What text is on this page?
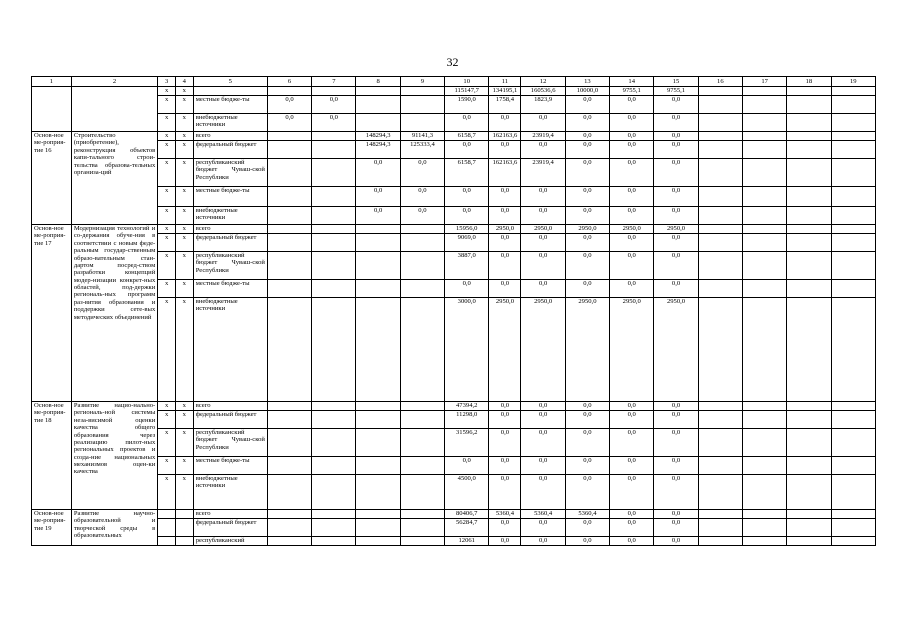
32
1	2	3	4	5	6	7	8	9	10	11	12	13	14	15	16	17	18	19
		x	x						115147,7	134195,1	160536,6	10000,0	9755,1	9755,1				
		x	x	местные бюдже-ты	0,0	0,0			1590,0	1758,4	1823,9	0,0	0,0	0,0				
		x	x	внебюджетные источники	0,0	0,0			0,0	0,0	0,0	0,0	0,0	0,0				
Основ-ное ме-роприя-тие 16	Строительство (приобретение), реконструкция объектов капи-тального строи-тельства образова-тельных организа-ций	x	x	всего			148294,3	91141,3	6158,7	162163,6	23919,4	0,0	0,0	0,0				
		x	x	федеральный бюджет			148294,3	125333,4	0,0	0,0	0,0	0,0	0,0	0,0				
		x	x	республиканский бюджет Чуваш-ской Республики			0,0	0,0	6158,7	162163,6	23919,4	0,0	0,0	0,0				
		x	x	местные бюдже-ты			0,0	0,0	0,0	0,0	0,0	0,0	0,0	0,0				
		x	x	внебюджетные источники			0,0	0,0	0,0	0,0	0,0	0,0	0,0	0,0				
Основ-ное ме-роприя-тие 17	Модернизация технологий и со-держания обуче-ния в соответствии с новым феде-ральным государ-ственным образо-вательным стан-дартом посред-ством разработки концепций модер-низации конкрет-ных областей, под-держки региональ-ных программ раз-вития образования и поддержки сете-вых методических объединений	x	x	всего					15956,0	2950,0	2950,0	2950,0	2950,0	2950,0				
		x	x	федеральный бюджет					9069,0	0,0	0,0	0,0	0,0	0,0				
		x	x	республиканский бюджет Чуваш-ской Республики					3887,0	0,0	0,0	0,0	0,0	0,0				
		x	x	местные бюдже-ты					0,0	0,0	0,0	0,0	0,0	0,0				
		x	x	внебюджетные источники					3000,0	2950,0	2950,0	2950,0	2950,0	2950,0				
Основ-ное ме-роприя-тие 18	Развитие нацио-нально-региональ-ной системы неза-висимой оценки качества общего образования через реализацию пилот-ных региональных проектов и созда-ние национальных механизмов оцен-ки качества	x	x	всего					47394,2	0,0	0,0	0,0	0,0	0,0				
		x	x	федеральный бюджет					11298,0	0,0	0,0	0,0	0,0	0,0				
		x	x	республиканский бюджет Чуваш-ской Республики					31596,2	0,0	0,0	0,0	0,0	0,0				
		x	x	местные бюдже-ты					0,0	0,0	0,0	0,0	0,0	0,0				
		x	x	внебюджетные источники					4500,0	0,0	0,0	0,0	0,0	0,0				
Основ-ное ме-роприя-тие 19	Развитие научно-образовательной и творческой среды в образовательных			всего					80406,7	5360,4	5360,4	5360,4	0,0	0,0				
				федеральный бюджет					56284,7	0,0	0,0	0,0	0,0	0,0				
				республиканский					12061	0,0	0,0	0,0	0,0	0,0				
